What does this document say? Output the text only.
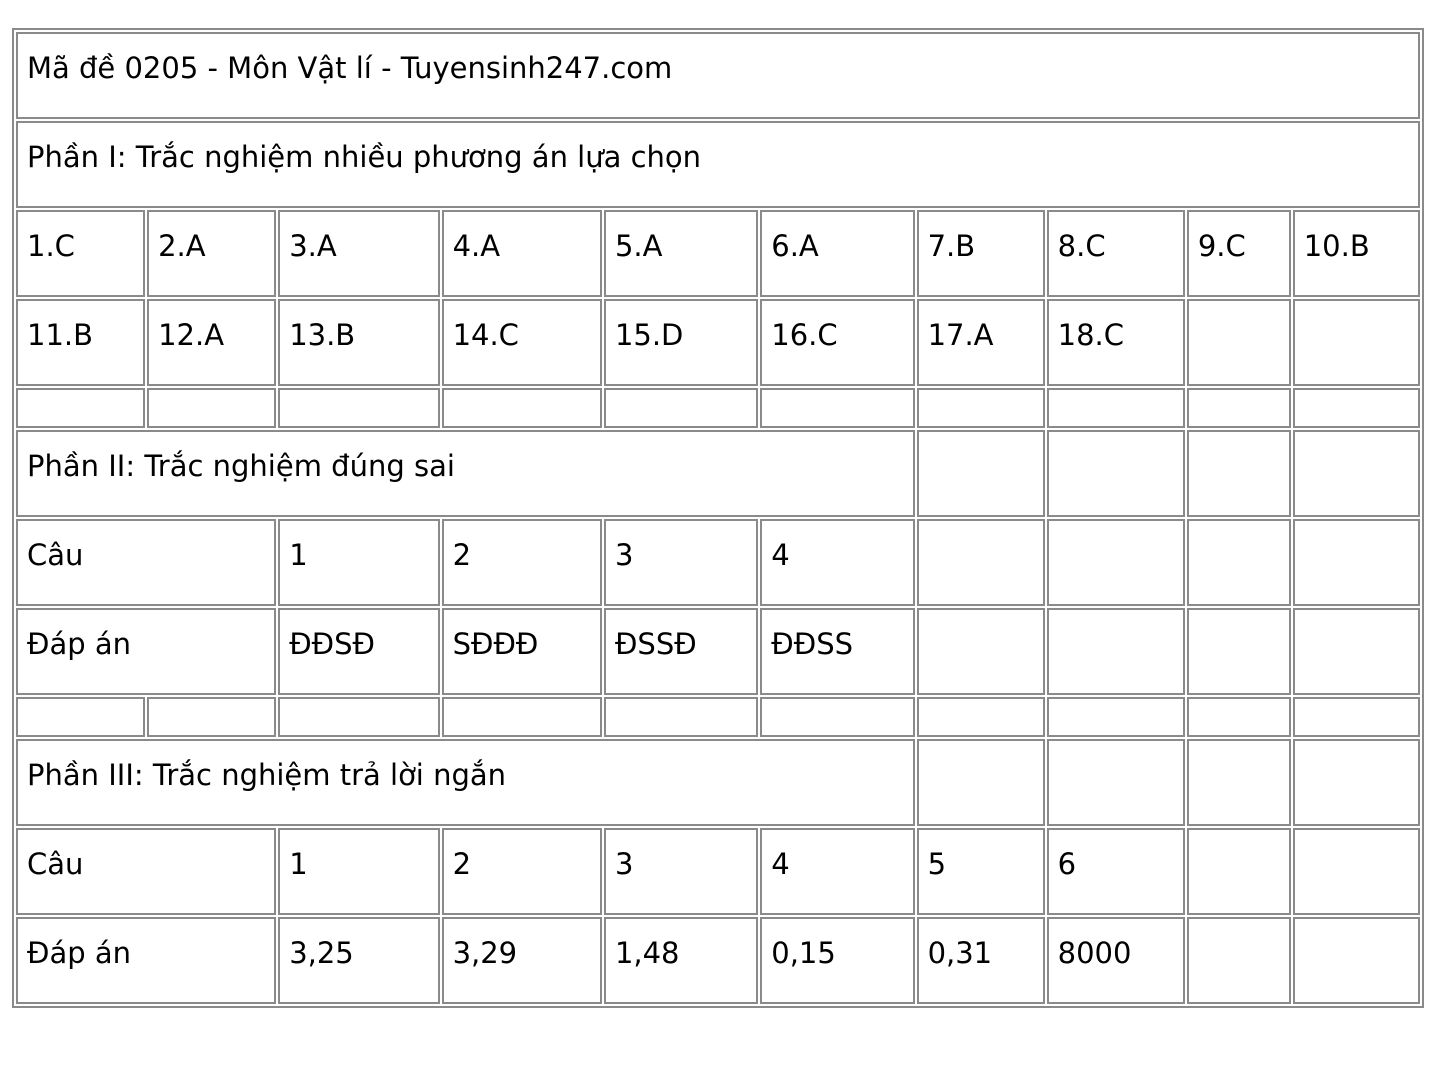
Mã đề 0205 - Môn Vật lí - Tuyensinh247.com									
Phần I: Trắc nghiệm nhiều phương án lựa chọn									
1.C	2.A	3.A	4.A	5.A	6.A	7.B	8.C	9.C	10.B
11.B	12.A	13.B	14.C	15.D	16.C	17.A	18.C		

Phần II: Trắc nghiệm đúng sai									
Câu		1	2	3	4				
Đáp án		ĐĐSĐ	SĐĐĐ	ĐSSĐ	ĐĐSS				

Phần III: Trắc nghiệm trả lời ngắn									
Câu		1	2	3	4	5	6		
Đáp án		3,25	3,29	1,48	0,15	0,31	8000		
